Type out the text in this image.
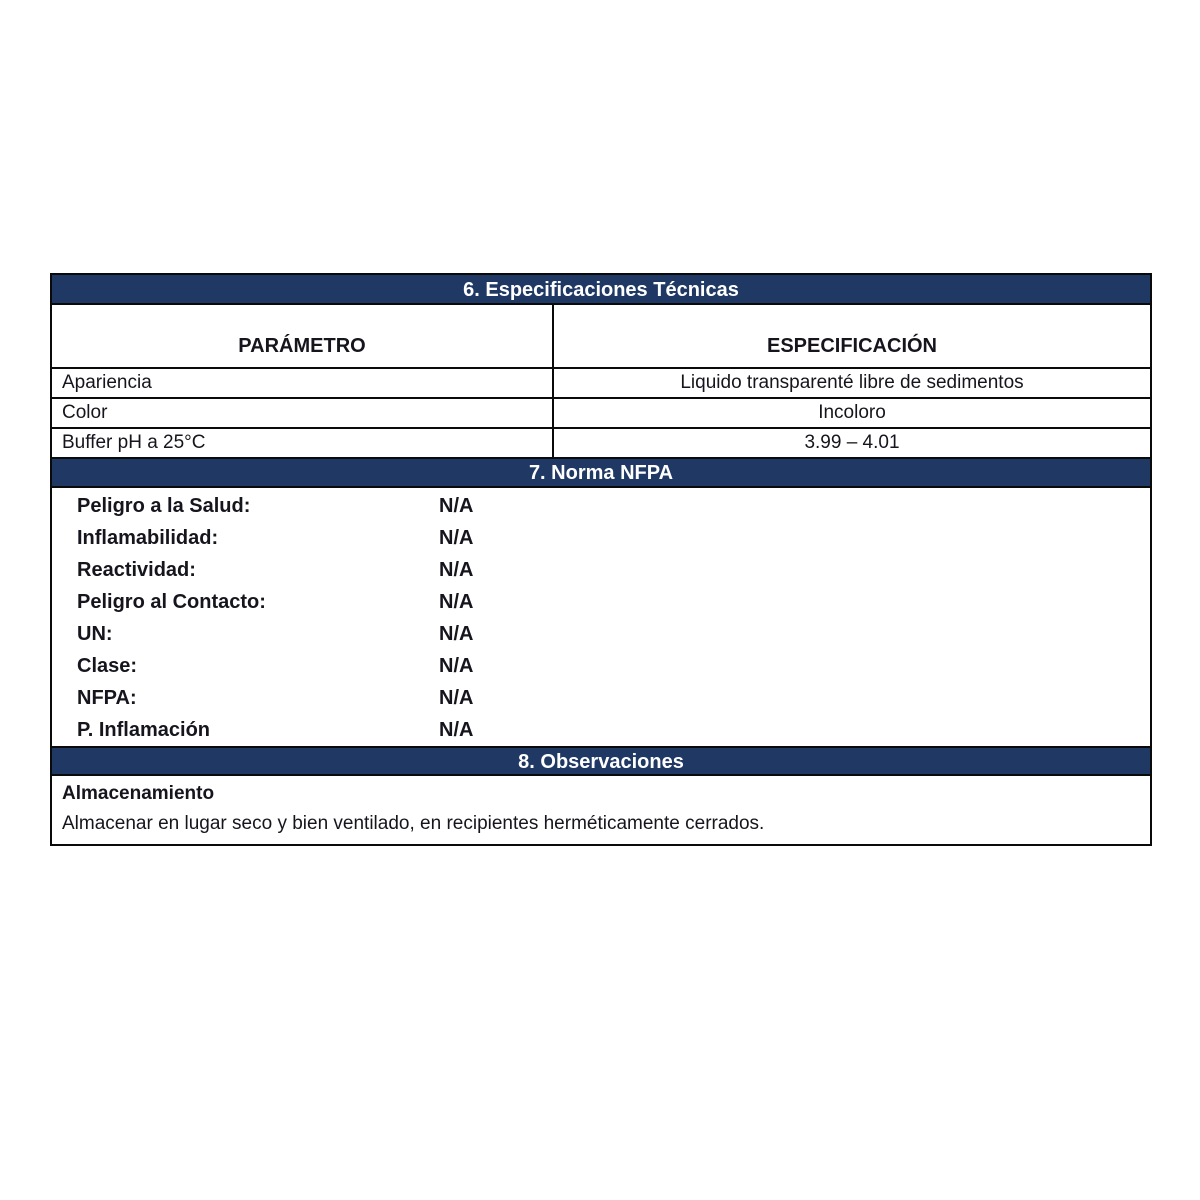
6. Especificaciones Técnicas
PARÁMETRO	ESPECIFICACIÓN
Apariencia	Liquido transparenté libre de sedimentos
Color	Incoloro
Buffer pH a 25°C	3.99 – 4.01
7. Norma NFPA
Peligro a la Salud:	N/A
Inflamabilidad:	N/A
Reactividad:	N/A
Peligro al Contacto:	N/A
UN:	N/A
Clase:	N/A
NFPA:	N/A
P. Inflamación	N/A
8. Observaciones
Almacenamiento
Almacenar en lugar seco y bien ventilado, en recipientes herméticamente cerrados.
